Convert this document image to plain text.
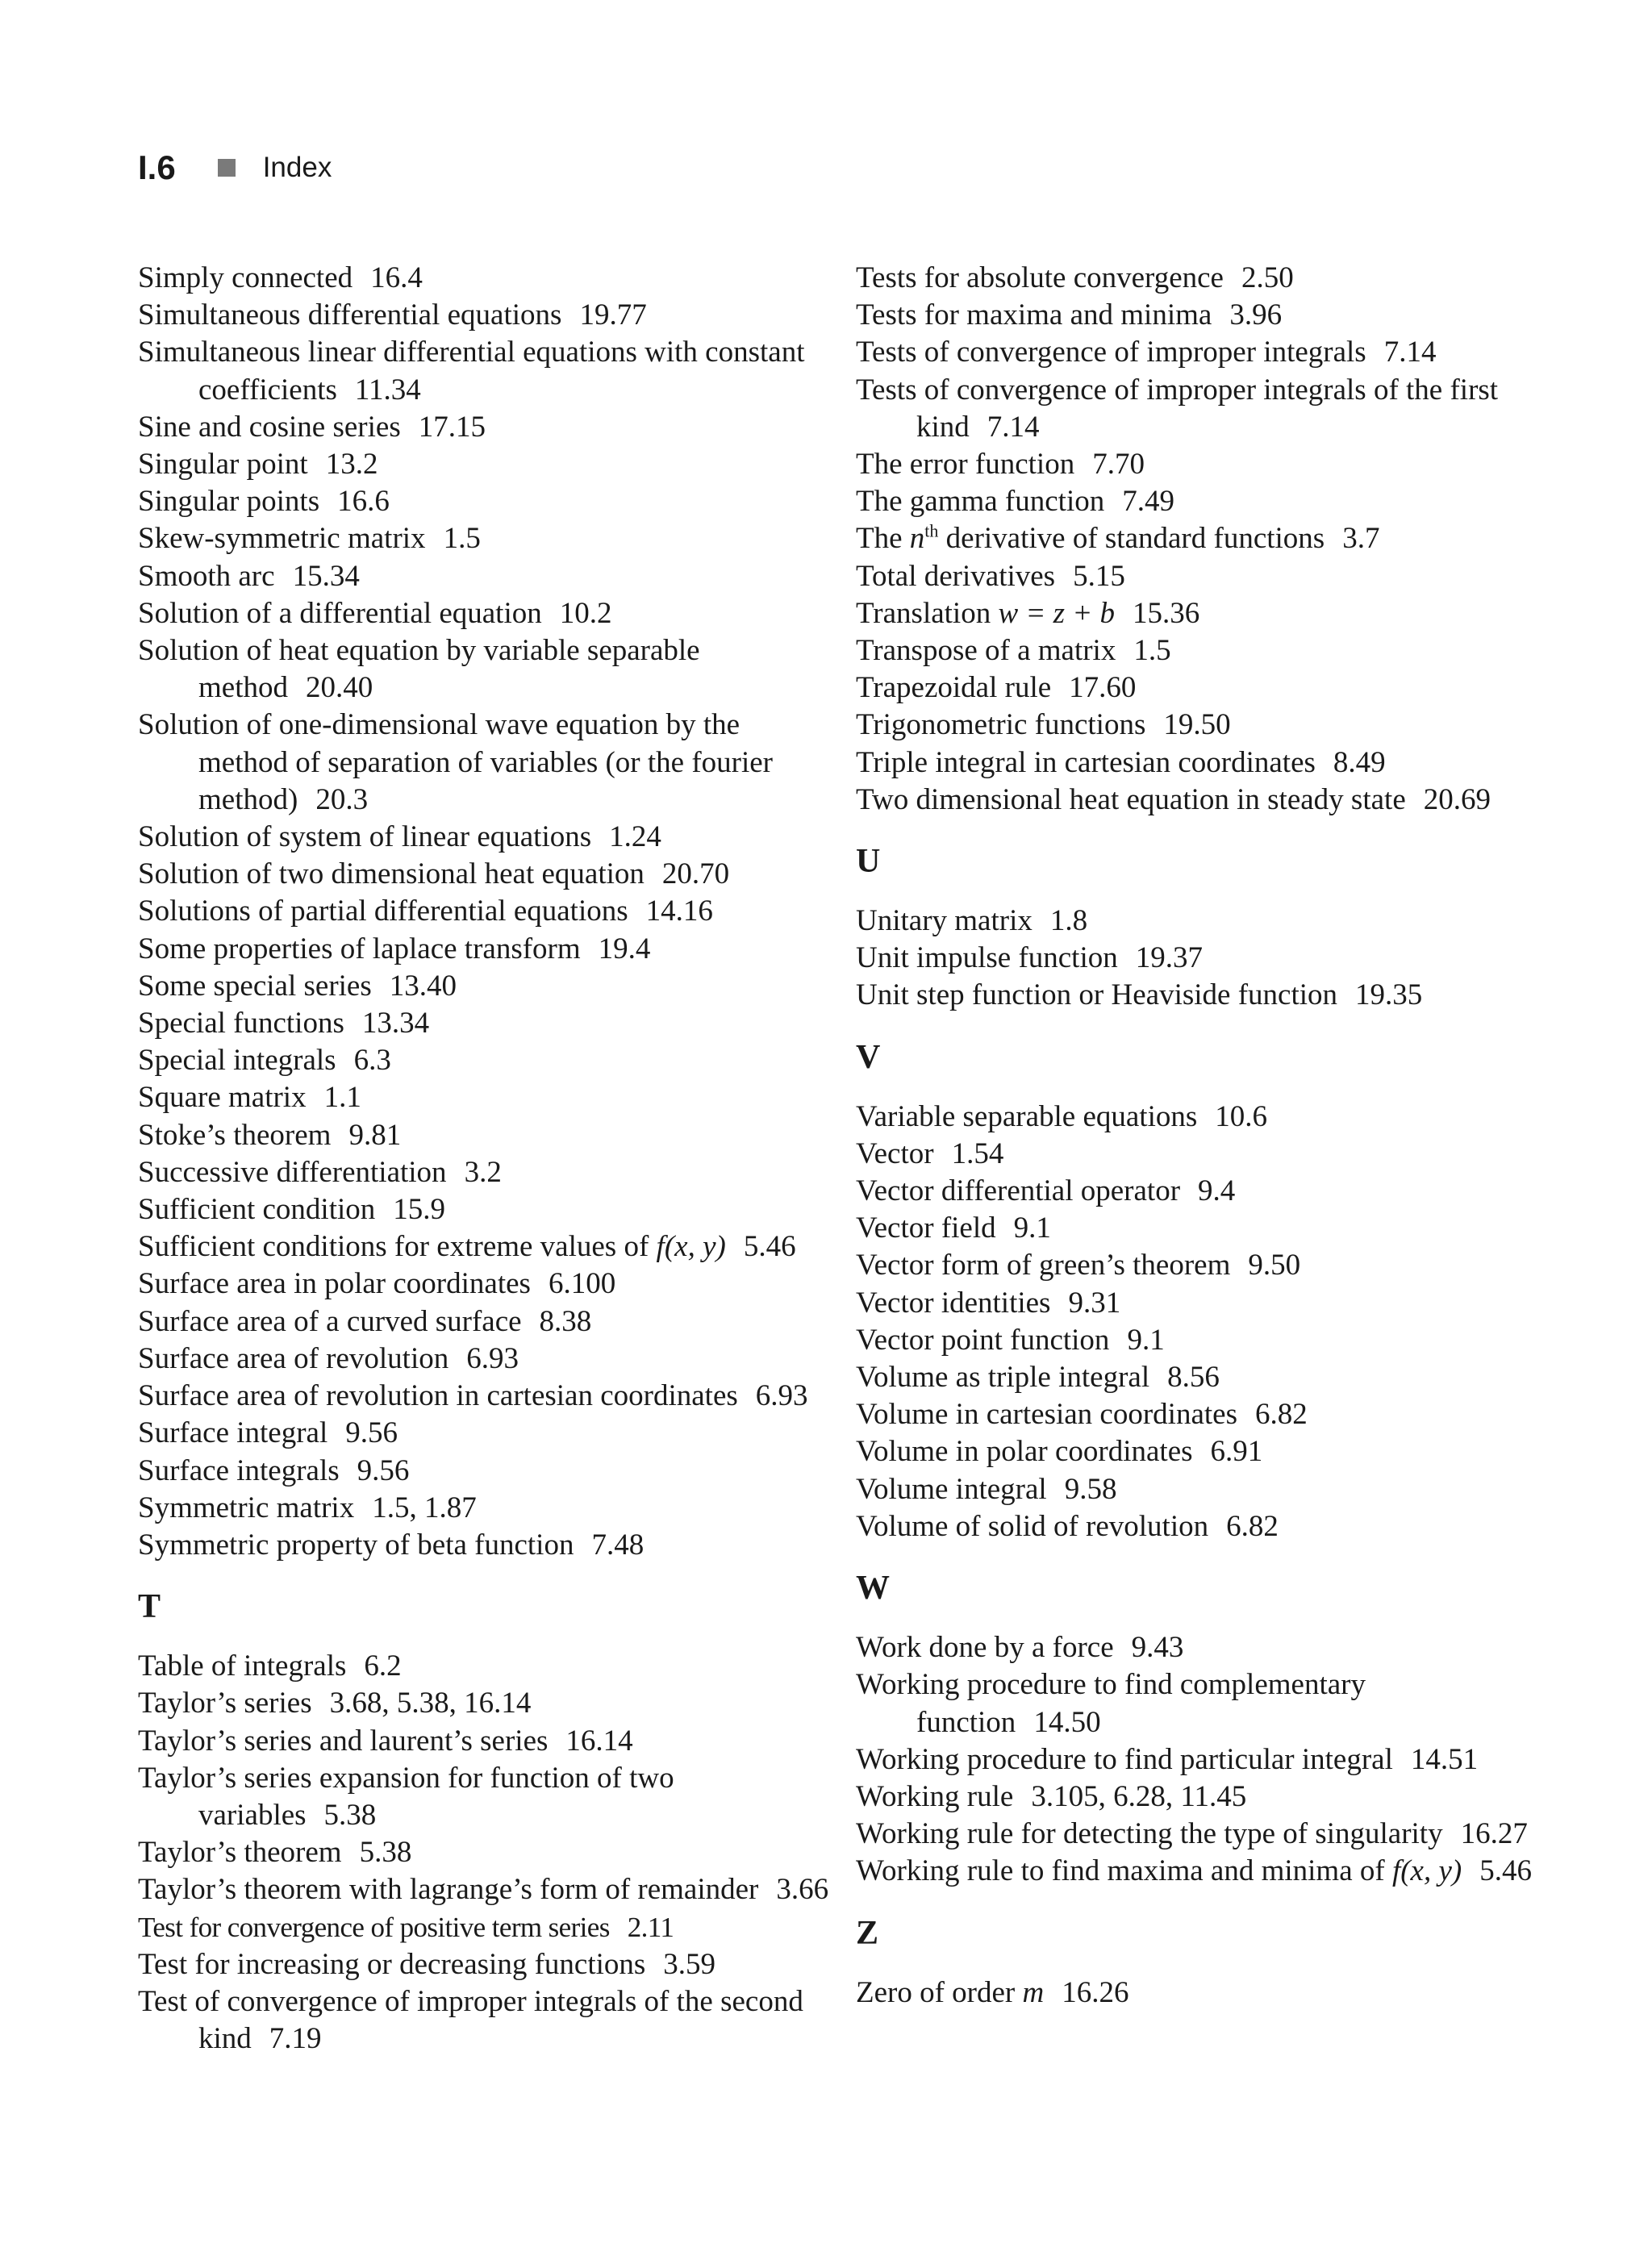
I.6	Index
Simply connected 16.4
Simultaneous differential equations 19.77
Simultaneous linear differential equations with constant coefficients 11.34
Sine and cosine series 17.15
Singular point 13.2
Singular points 16.6
Skew-symmetric matrix 1.5
Smooth arc 15.34
Solution of a differential equation 10.2
Solution of heat equation by variable separable method 20.40
Solution of one-dimensional wave equation by the method of separation of variables (or the fourier method) 20.3
Solution of system of linear equations 1.24
Solution of two dimensional heat equation 20.70
Solutions of partial differential equations 14.16
Some properties of laplace transform 19.4
Some special series 13.40
Special functions 13.34
Special integrals 6.3
Square matrix 1.1
Stoke’s theorem 9.81
Successive differentiation 3.2
Sufficient condition 15.9
Sufficient conditions for extreme values of f(x, y) 5.46
Surface area in polar coordinates 6.100
Surface area of a curved surface 8.38
Surface area of revolution 6.93
Surface area of revolution in cartesian coordinates 6.93
Surface integral 9.56
Surface integrals 9.56
Symmetric matrix 1.5, 1.87
Symmetric property of beta function 7.48
T
Table of integrals 6.2
Taylor’s series 3.68, 5.38, 16.14
Taylor’s series and laurent’s series 16.14
Taylor’s series expansion for function of two variables 5.38
Taylor’s theorem 5.38
Taylor’s theorem with lagrange’s form of remainder 3.66
Test for convergence of positive term series 2.11
Test for increasing or decreasing functions 3.59
Test of convergence of improper integrals of the second kind 7.19
Tests for absolute convergence 2.50
Tests for maxima and minima 3.96
Tests of convergence of improper integrals 7.14
Tests of convergence of improper integrals of the first kind 7.14
The error function 7.70
The gamma function 7.49
The $n^{th}$ derivative of standard functions 3.7
Total derivatives 5.15
Translation w = z + b 15.36
Transpose of a matrix 1.5
Trapezoidal rule 17.60
Trigonometric functions 19.50
Triple integral in cartesian coordinates 8.49
Two dimensional heat equation in steady state 20.69
U
Unitary matrix 1.8
Unit impulse function 19.37
Unit step function or Heaviside function 19.35
V
Variable separable equations 10.6
Vector 1.54
Vector differential operator 9.4
Vector field 9.1
Vector form of green’s theorem 9.50
Vector identities 9.31
Vector point function 9.1
Volume as triple integral 8.56
Volume in cartesian coordinates 6.82
Volume in polar coordinates 6.91
Volume integral 9.58
Volume of solid of revolution 6.82
W
Work done by a force 9.43
Working procedure to find complementary function 14.50
Working procedure to find particular integral 14.51
Working rule 3.105, 6.28, 11.45
Working rule for detecting the type of singularity 16.27
Working rule to find maxima and minima of f(x, y) 5.46
Z
Zero of order m 16.26
